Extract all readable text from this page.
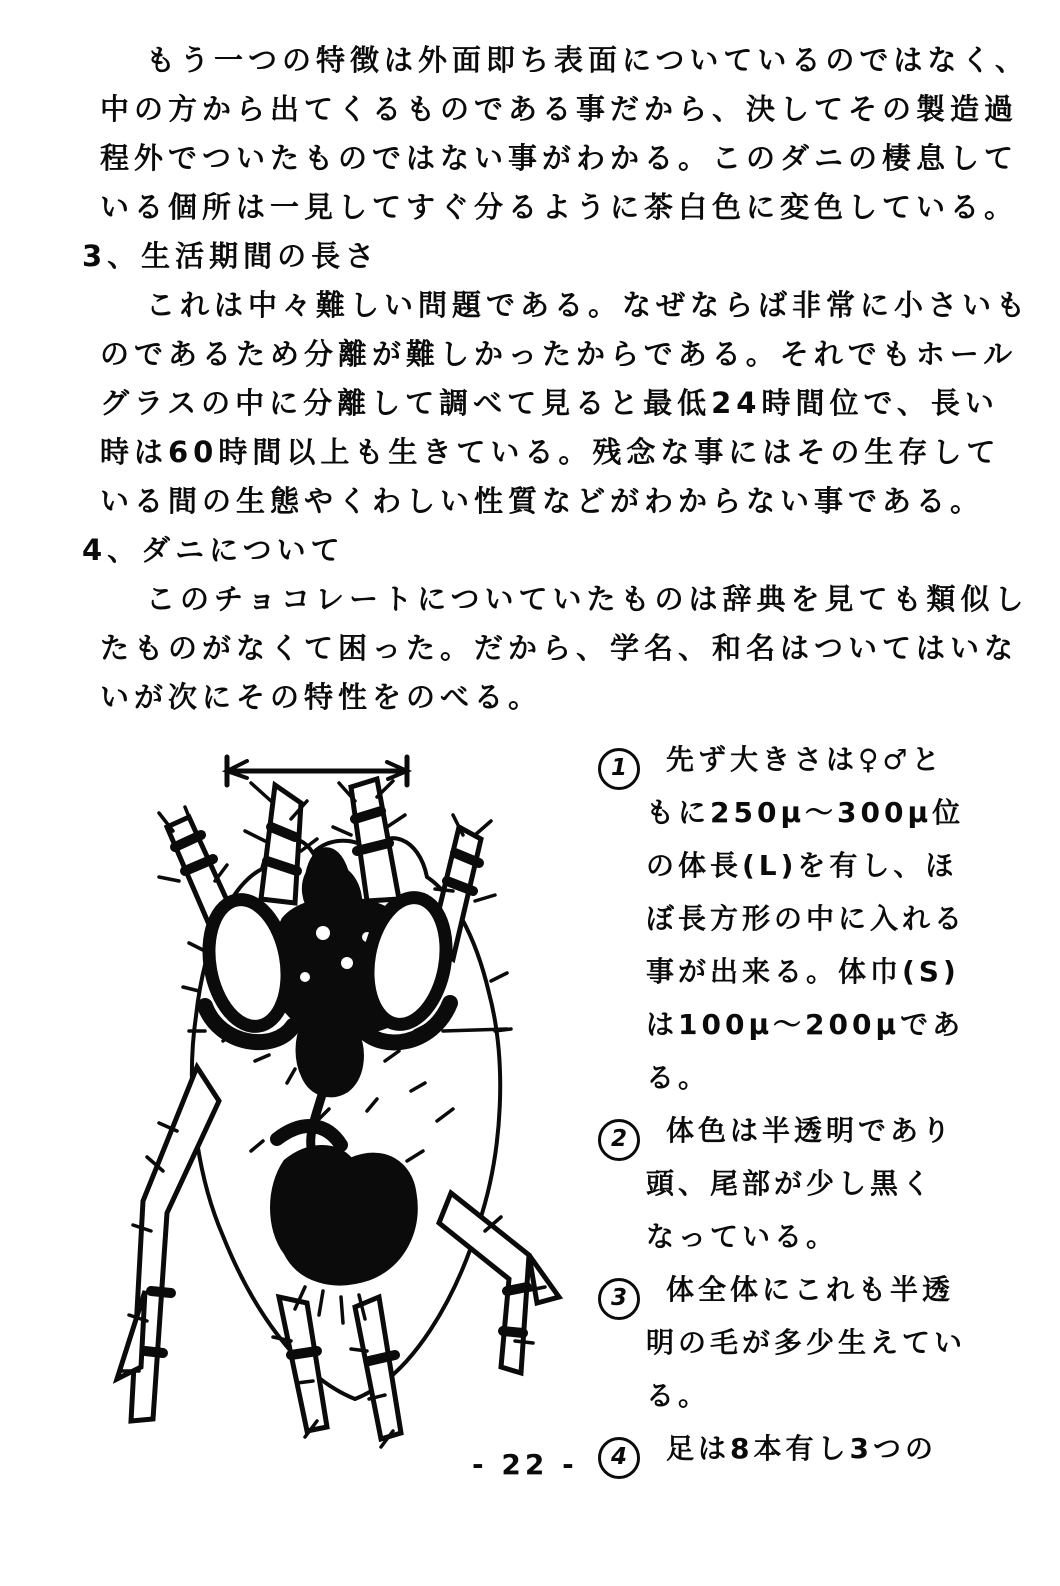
もう一つの特徴は外面即ち表面についているのではなく、
中の方から出てくるものである事だから、決してその製造過
程外でついたものではない事がわかる。このダニの棲息して
いる個所は一見してすぐ分るように茶白色に変色している。
3、生活期間の長さ
これは中々難しい問題である。なぜならば非常に小さいも
のであるため分離が難しかったからである。それでもホール
グラスの中に分離して調べて見ると最低24時間位で、長い
時は60時間以上も生きている。残念な事にはその生存して
いる間の生態やくわしい性質などがわからない事である。
4、ダニについて
このチョコレートについていたものは辞典を見ても類似し
たものがなくて困った。だから、学名、和名はついてはいな
いが次にその特性をのべる。
1 先ず大きさは♀♂と
もに250μ〜300μ位
の体長(L)を有し、ほ
ぼ長方形の中に入れる
事が出来る。体巾(S)
は100μ〜200μであ
る。
2 体色は半透明であり
頭、尾部が少し黒く
なっている。
3 体全体にこれも半透
明の毛が多少生えてい
る。
4 足は8本有し3つの
- 22 -
